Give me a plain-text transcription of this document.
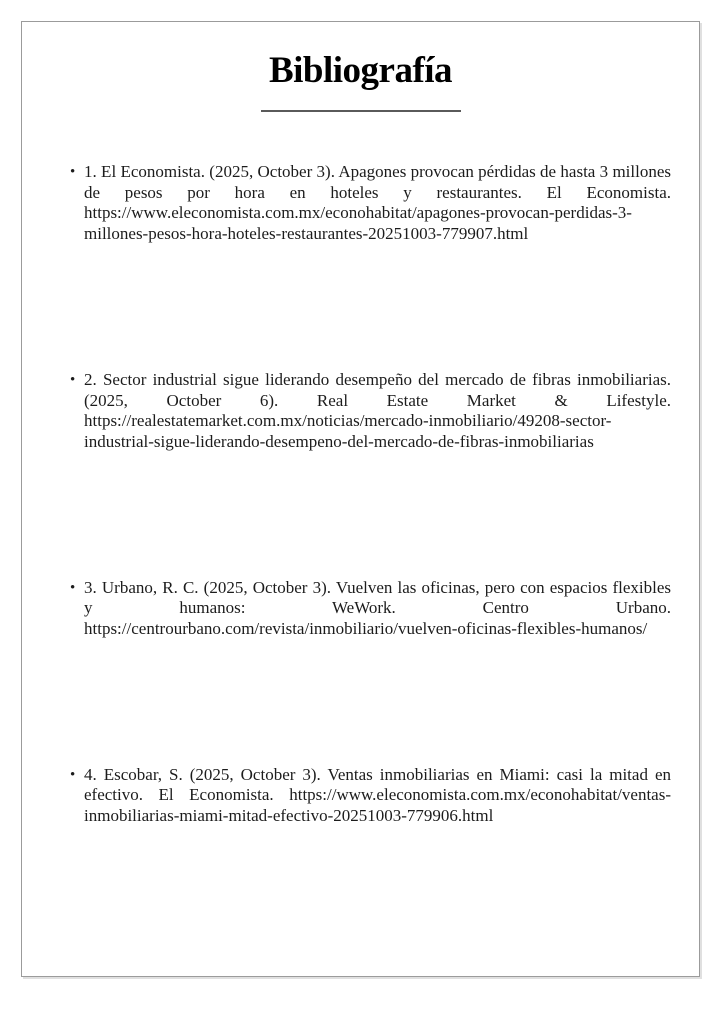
Bibliografía
• 1. El Economista. (2025, October 3). Apagones provocan pérdidas de hasta 3 millones de pesos por hora en hoteles y restaurantes. El Economista. https://www.eleconomista.com.mx/econohabitat/apagones-provocan-perdidas-3-millones-pesos-hora-hoteles-restaurantes-20251003-779907.html
• 2. Sector industrial sigue liderando desempeño del mercado de fibras inmobiliarias. (2025, October 6). Real Estate Market & Lifestyle. https://realestatemarket.com.mx/noticias/mercado-inmobiliario/49208-sector-industrial-sigue-liderando-desempeno-del-mercado-de-fibras-inmobiliarias
• 3. Urbano, R. C. (2025, October 3). Vuelven las oficinas, pero con espacios flexibles y humanos: WeWork. Centro Urbano. https://centrourbano.com/revista/inmobiliario/vuelven-oficinas-flexibles-humanos/
• 4. Escobar, S. (2025, October 3). Ventas inmobiliarias en Miami: casi la mitad en efectivo. El Economista. https://www.eleconomista.com.mx/econohabitat/ventas-inmobiliarias-miami-mitad-efectivo-20251003-779906.html
